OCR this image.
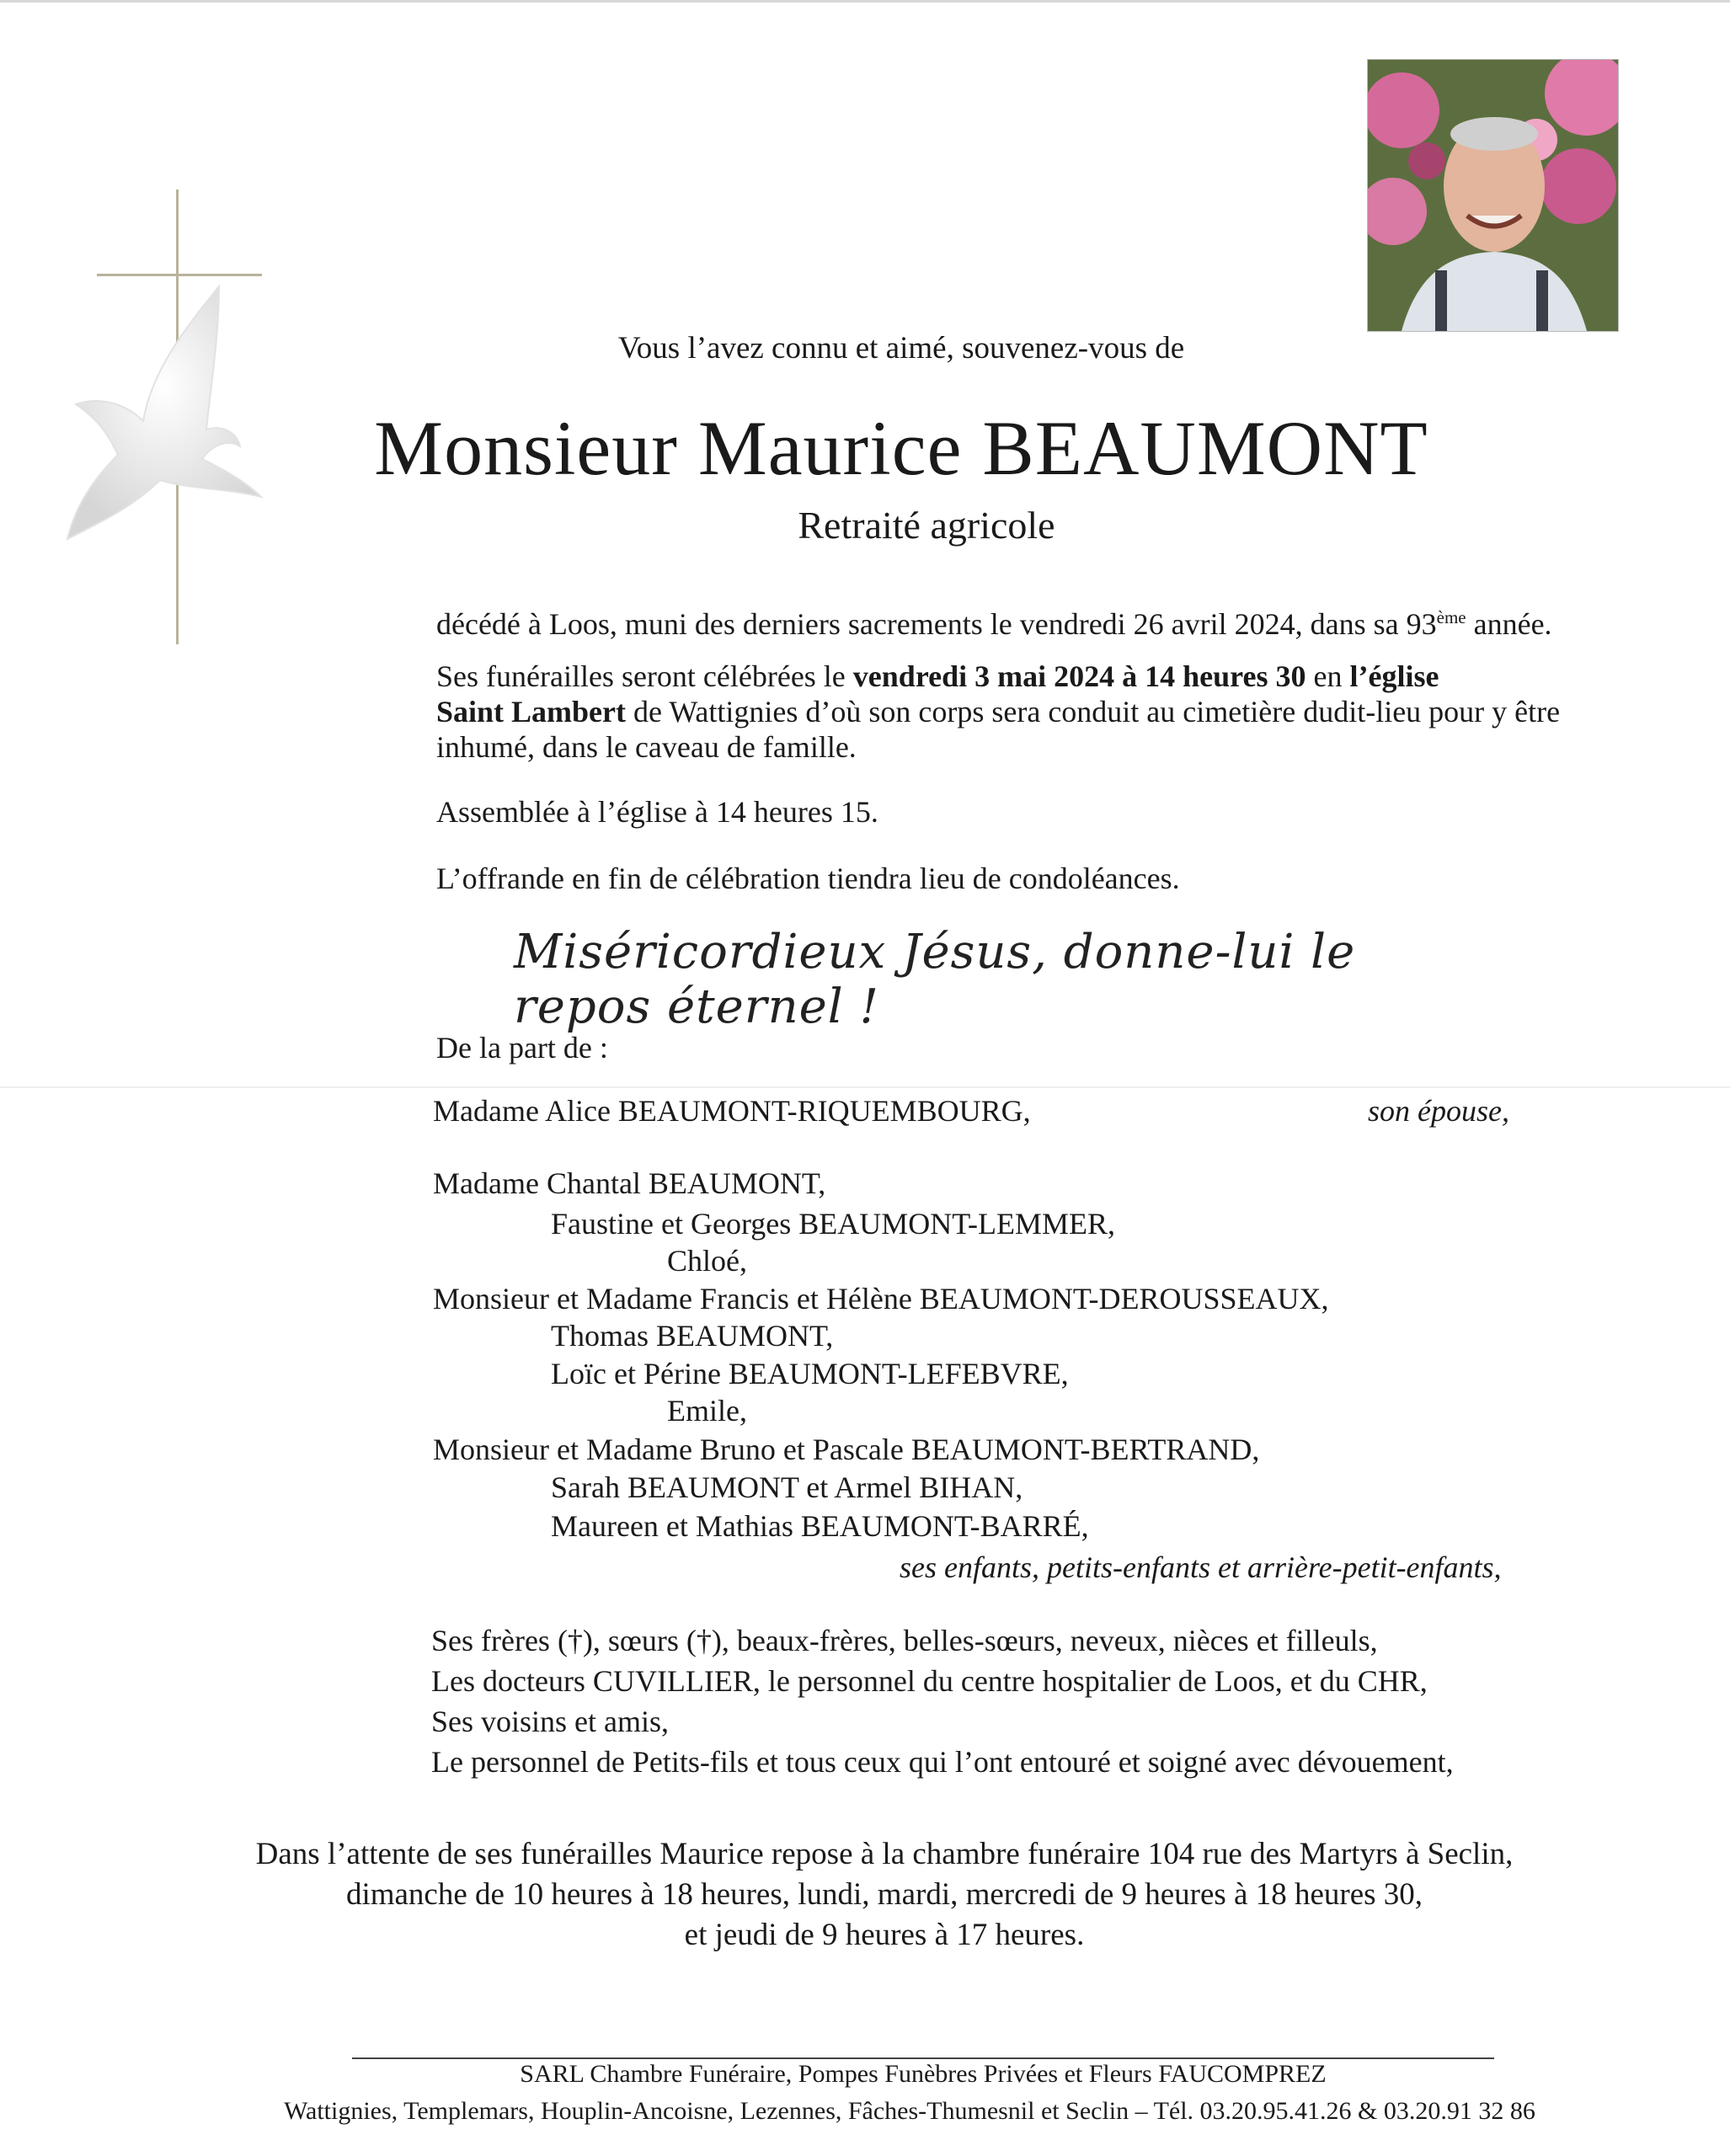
Vous l’avez connu et aimé, souvenez-vous de
Monsieur Maurice BEAUMONT
Retraité agricole
décédé à Loos, muni des derniers sacrements le vendredi 26 avril 2024, dans sa 93ème année.
Ses funérailles seront célébrées le vendredi 3 mai 2024 à 14 heures 30 en l’église
Saint Lambert de Wattignies d’où son corps sera conduit au cimetière dudit-lieu pour y être
inhumé, dans le caveau de famille.
Assemblée à l’église à 14 heures 15.
L’offrande en fin de célébration tiendra lieu de condoléances.
Miséricordieux Jésus, donne-lui le repos éternel !
De la part de :
Madame Alice BEAUMONT-RIQUEMBOURG,
Madame Chantal BEAUMONT,
Faustine et Georges BEAUMONT-LEMMER,
Chloé,
Monsieur et Madame Francis et Hélène BEAUMONT-DEROUSSEAUX,
Thomas BEAUMONT,
Loïc et Périne BEAUMONT-LEFEBVRE,
Emile,
Monsieur et Madame Bruno et Pascale BEAUMONT-BERTRAND,
Sarah BEAUMONT et Armel BIHAN,
Maureen et Mathias BEAUMONT-BARRÉ,
son épouse,
ses enfants, petits-enfants et arrière-petit-enfants,
Ses frères (†), sœurs (†), beaux-frères, belles-sœurs, neveux, nièces et filleuls,
Les docteurs CUVILLIER, le personnel du centre hospitalier de Loos, et du CHR,
Ses voisins et amis,
Le personnel de Petits-fils et tous ceux qui l’ont entouré et soigné avec dévouement,
Dans l’attente de ses funérailles Maurice repose à la chambre funéraire 104 rue des Martyrs à Seclin,
dimanche de 10 heures à 18 heures, lundi, mardi, mercredi de 9 heures à 18 heures 30,
et jeudi de 9 heures à 17 heures.
SARL Chambre Funéraire, Pompes Funèbres Privées et Fleurs FAUCOMPREZ
Wattignies, Templemars, Houplin-Ancoisne, Lezennes, Fâches-Thumesnil et Seclin – Tél. 03.20.95.41.26 & 03.20.91 32 86
